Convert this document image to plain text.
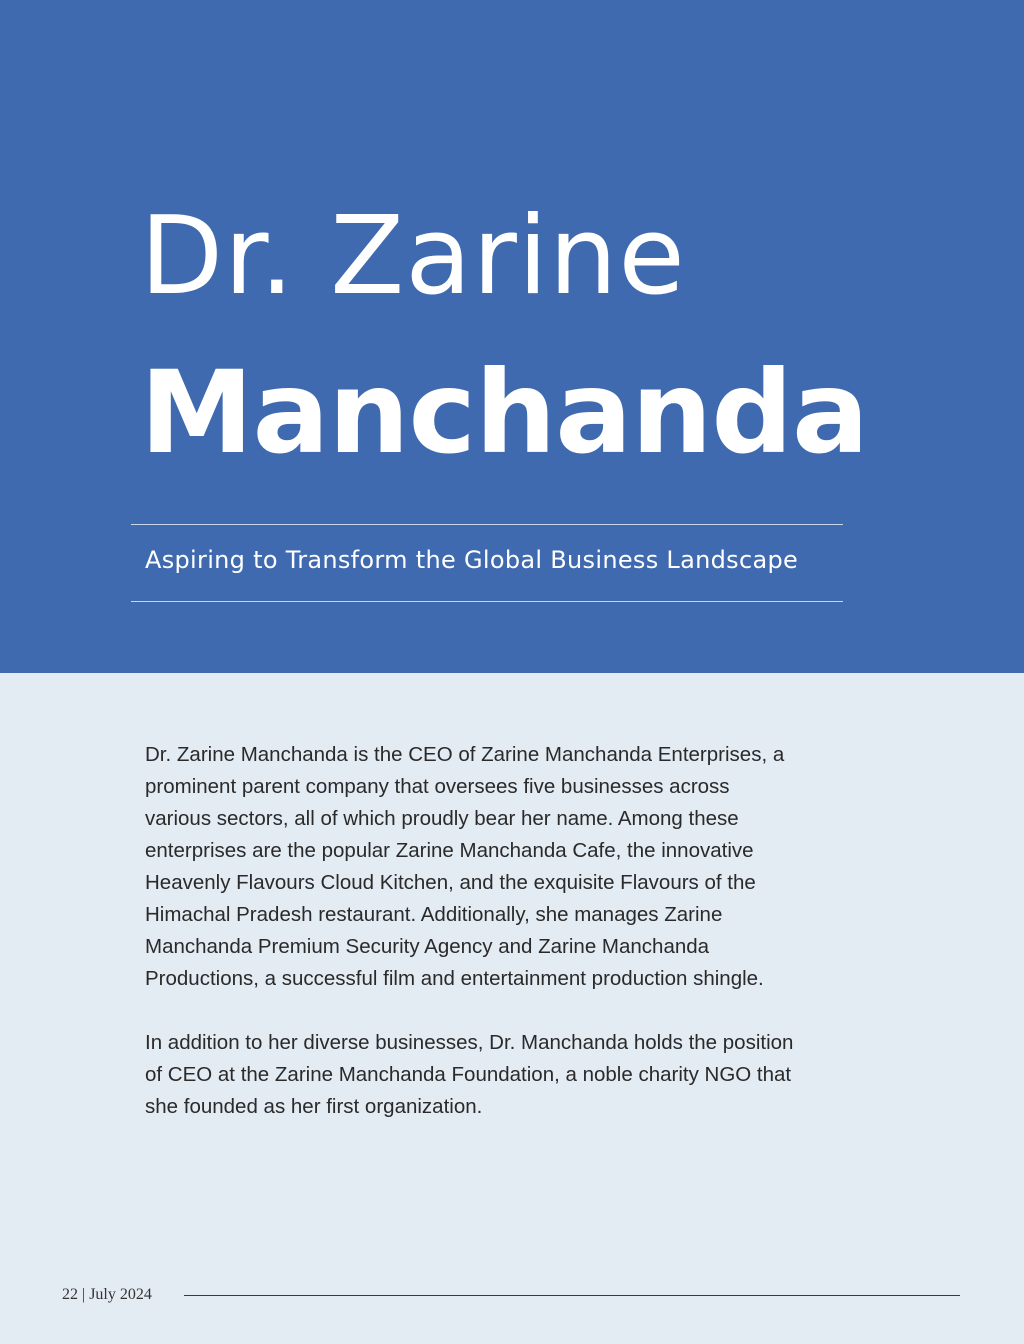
Dr. Zarine
Manchanda

Aspiring to Transform the Global Business Landscape

Dr. Zarine Manchanda is the CEO of Zarine Manchanda Enterprises, a prominent parent company that oversees five businesses across various sectors, all of which proudly bear her name. Among these enterprises are the popular Zarine Manchanda Cafe, the innovative Heavenly Flavours Cloud Kitchen, and the exquisite Flavours of the Himachal Pradesh restaurant. Additionally, she manages Zarine Manchanda Premium Security Agency and Zarine Manchanda Productions, a successful film and entertainment production shingle.

In addition to her diverse businesses, Dr. Manchanda holds the position of CEO at the Zarine Manchanda Foundation, a noble charity NGO that she founded as her first organization.

22 | July 2024
